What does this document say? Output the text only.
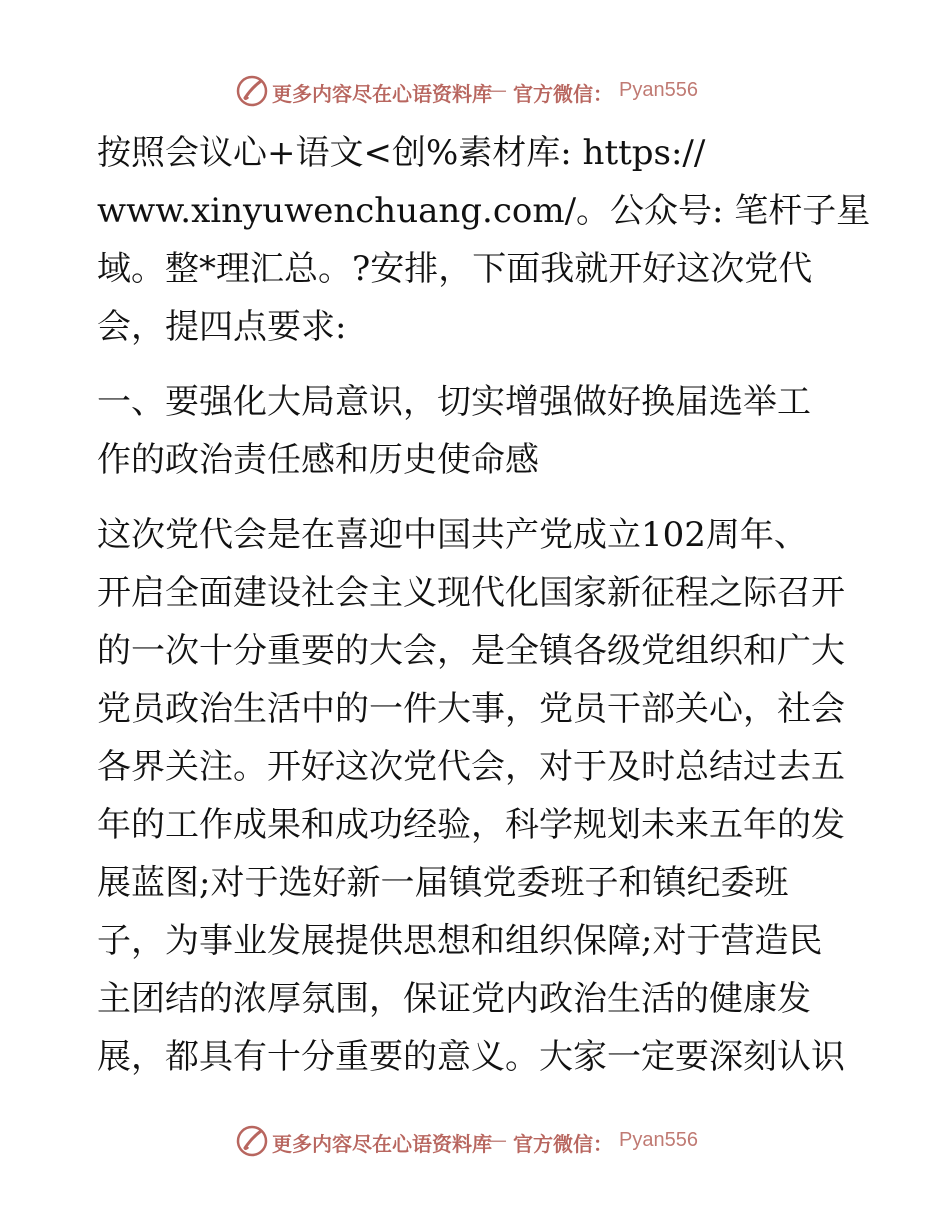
更多内容尽在心语资料库
— 官方微信： Pyan556
按照会议心+语文<创%素材库: https://
www.xinyuwenchuang.com/。公众号: 笔杆子星
域。整*理汇总。?安排，下面我就开好这次党代
会，提四点要求:
一、要强化大局意识，切实增强做好换届选举工
作的政治责任感和历史使命感
这次党代会是在喜迎中国共产党成立102周年、
开启全面建设社会主义现代化国家新征程之际召开
的一次十分重要的大会，是全镇各级党组织和广大
党员政治生活中的一件大事，党员干部关心，社会
各界关注。开好这次党代会，对于及时总结过去五
年的工作成果和成功经验，科学规划未来五年的发
展蓝图;对于选好新一届镇党委班子和镇纪委班
子，为事业发展提供思想和组织保障;对于营造民
主团结的浓厚氛围，保证党内政治生活的健康发
展，都具有十分重要的意义。大家一定要深刻认识
更多内容尽在心语资料库
— 官方微信： Pyan556
